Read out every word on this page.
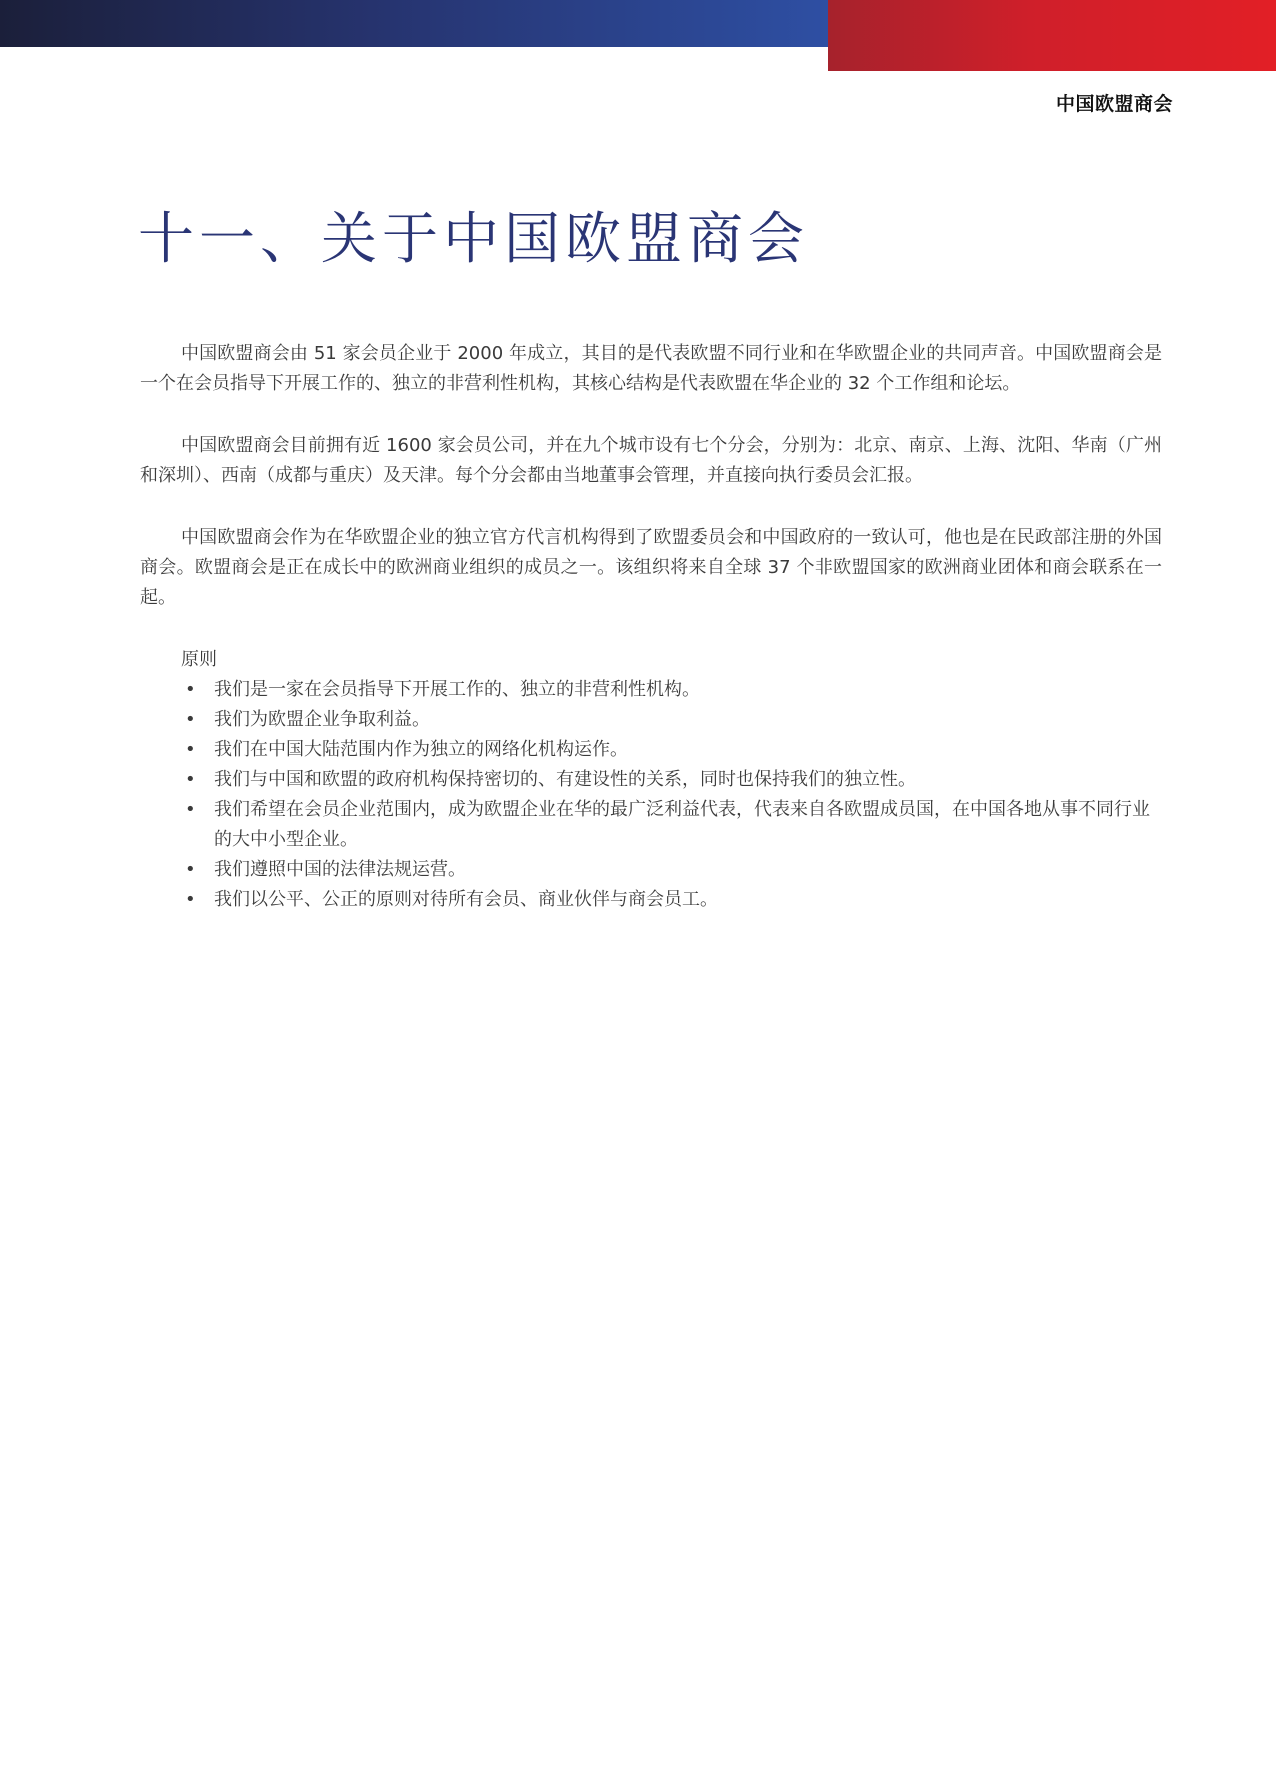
中国欧盟商会
十一、关于中国欧盟商会

中国欧盟商会由 51 家会员企业于 2000 年成立，其目的是代表欧盟不同行业和在华欧盟企业的共同声音。中国欧盟商会是一个在会员指导下开展工作的、独立的非营利性机构，其核心结构是代表欧盟在华企业的 32 个工作组和论坛。

中国欧盟商会目前拥有近 1600 家会员公司，并在九个城市设有七个分会，分别为：北京、南京、上海、沈阳、华南（广州和深圳）、西南（成都与重庆）及天津。每个分会都由当地董事会管理，并直接向执行委员会汇报。

中国欧盟商会作为在华欧盟企业的独立官方代言机构得到了欧盟委员会和中国政府的一致认可，他也是在民政部注册的外国商会。欧盟商会是正在成长中的欧洲商业组织的成员之一。该组织将来自全球 37 个非欧盟国家的欧洲商业团体和商会联系在一起。

原则

• 我们是一家在会员指导下开展工作的、独立的非营利性机构。
• 我们为欧盟企业争取利益。
• 我们在中国大陆范围内作为独立的网络化机构运作。
• 我们与中国和欧盟的政府机构保持密切的、有建设性的关系，同时也保持我们的独立性。
• 我们希望在会员企业范围内，成为欧盟企业在华的最广泛利益代表，代表来自各欧盟成员国，在中国各地从事不同行业的大中小型企业。
• 我们遵照中国的法律法规运营。
• 我们以公平、公正的原则对待所有会员、商业伙伴与商会员工。
